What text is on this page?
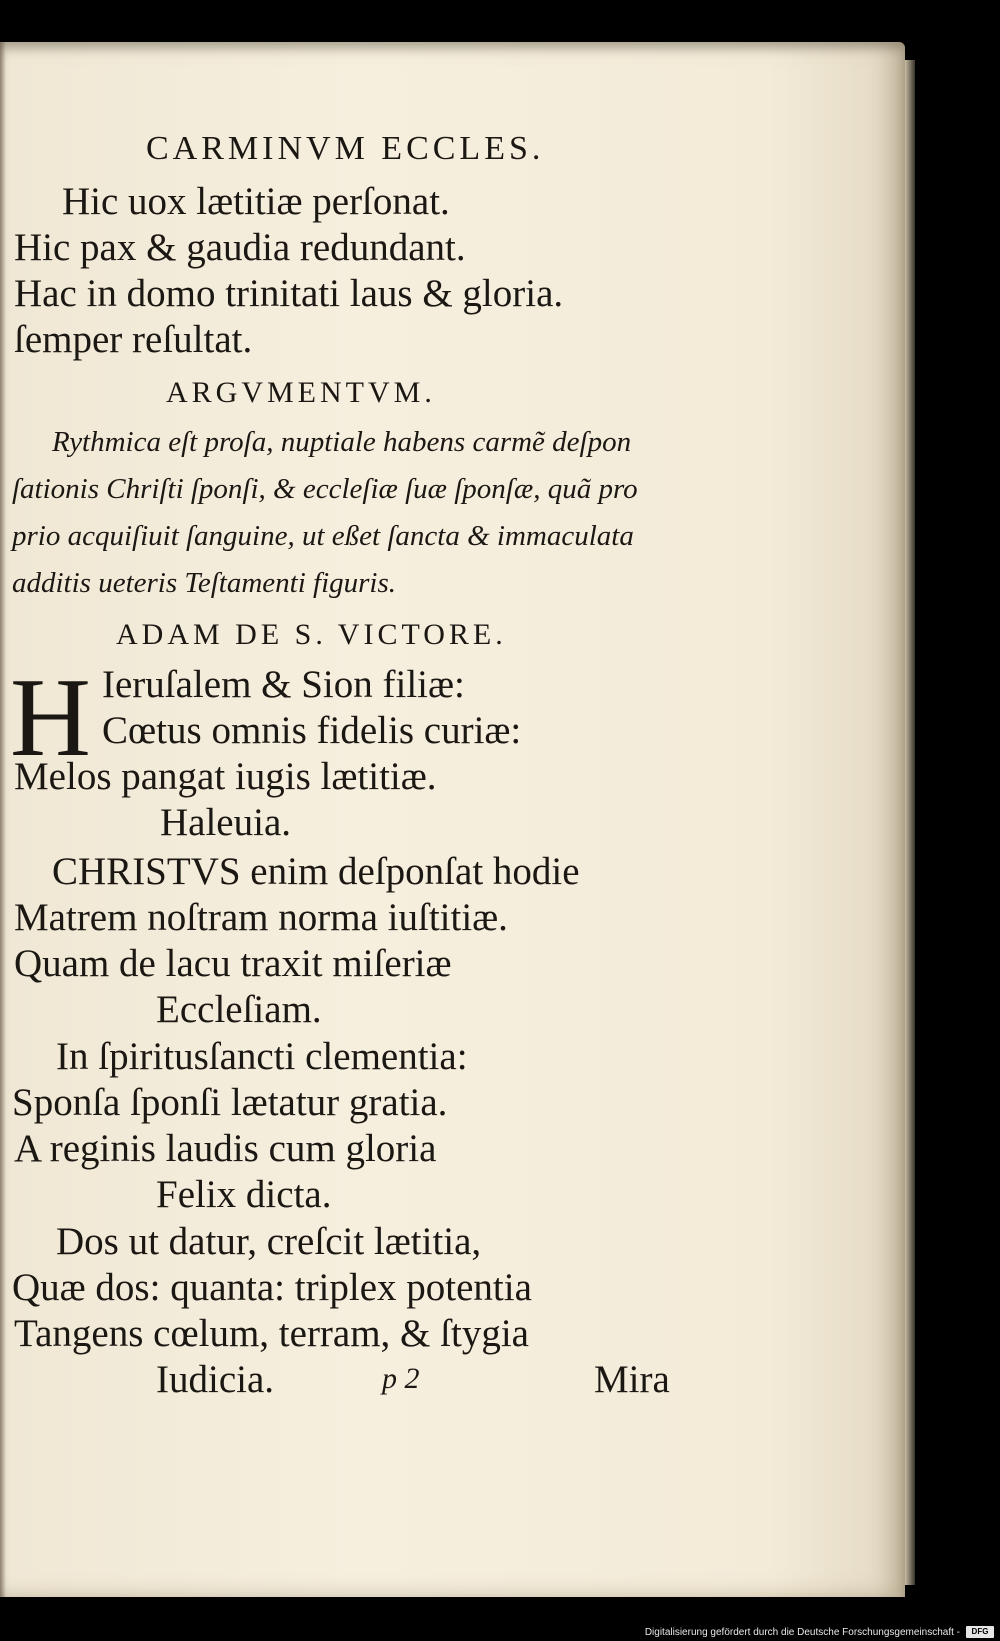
CARMINVM ECCLES.
Hic uox lætitiæ perſonat.
Hic pax & gaudia redundant.
Hac in domo trinitati laus & gloria.
ſemper reſultat.
ARGVMENTVM.
Rythmica eſt proſa, nuptiale habens carmẽ deſpon
ſationis Chriſti ſponſi, & eccleſiæ ſuæ ſponſæ, quã pro
prio acquiſiuit ſanguine, ut eßet ſancta & immaculata
additis ueteris Teſtamenti figuris.
ADAM DE S. VICTORE.
H Ieruſalem & Sion filiæ:
Cœtus omnis fidelis curiæ:
Melos pangat iugis lætitiæ.
Haleuia.
CHRISTVS enim deſponſat hodie
Matrem noſtram norma iuſtitiæ.
Quam de lacu traxit miſeriæ
Eccleſiam.
In ſpiritusſancti clementia:
Sponſa ſponſi lætatur gratia.
A reginis laudis cum gloria
Felix dicta.
Dos ut datur, creſcit lætitia,
Quæ dos: quanta: triplex potentia
Tangens cœlum, terram, & ſtygia
Iudicia.	p 2	Mira
Digitalisierung gefördert durch die Deutsche Forschungsgemeinschaft -	DFG
